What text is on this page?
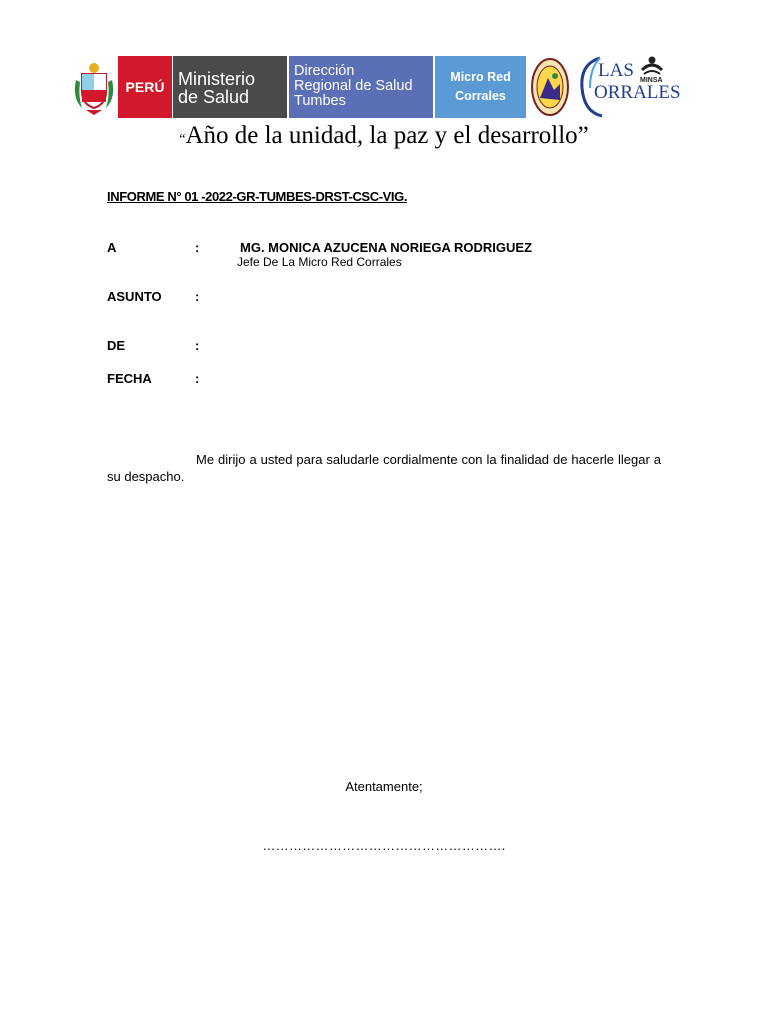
PERÚ Ministerio
de Salud
Dirección
Regional de Salud
Tumbes
Micro Red
Corrales
LAS MINSA
ORRALES
“Año de la unidad, la paz y el desarrollo”
INFORME N° 01 -2022-GR-TUMBES-DRST-CSC-VIG.
A	:	MG. MONICA AZUCENA NORIEGA RODRIGUEZ
Jefe De La Micro Red Corrales
ASUNTO	:
DE	:
FECHA	:
Me dirijo a usted para saludarle cordialmente con la finalidad de hacerle llegar a su despacho.
Atentamente;
……………………………………………….
